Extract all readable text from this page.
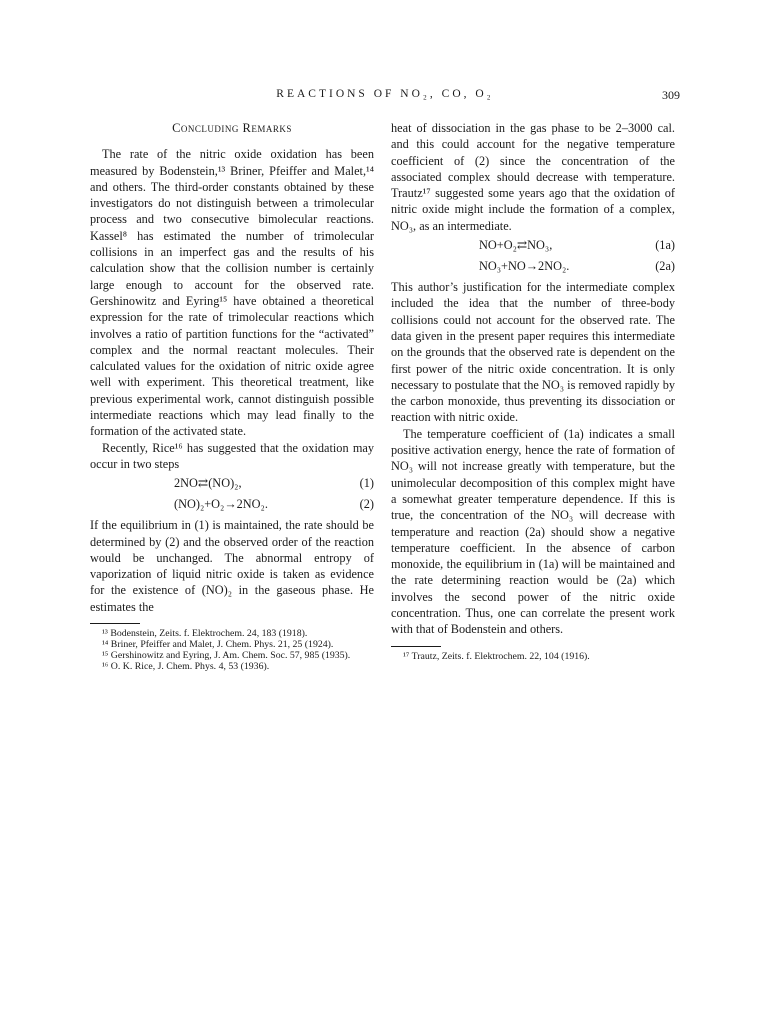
REACTIONS OF NO₂, CO, O₂	309
Concluding Remarks

The rate of the nitric oxide oxidation has been measured by Bodenstein,¹³ Briner, Pfeiffer and Malet,¹⁴ and others. The third-order constants obtained by these investigators do not distinguish between a trimolecular process and two consecutive bimolecular reactions. Kassel⁸ has estimated the number of trimolecular collisions in an imperfect gas and the results of his calculation show that the collision number is certainly large enough to account for the observed rate. Gershinowitz and Eyring¹⁵ have obtained a theoretical expression for the rate of trimolecular reactions which involves a ratio of partition functions for the “activated” complex and the normal reactant molecules. Their calculated values for the oxidation of nitric oxide agree well with experiment. This theoretical treatment, like previous experimental work, cannot distinguish possible intermediate reactions which may lead finally to the formation of the activated state.

Recently, Rice¹⁶ has suggested that the oxidation may occur in two steps

2NO⇄(NO)₂,	(1)
(NO)₂+O₂→2NO₂.	(2)

If the equilibrium in (1) is maintained, the rate should be determined by (2) and the observed order of the reaction would be unchanged. The abnormal entropy of vaporization of liquid nitric oxide is taken as evidence for the existence of (NO)₂ in the gaseous phase. He estimates the

¹³ Bodenstein, Zeits. f. Elektrochem. 24, 183 (1918).

¹⁴ Briner, Pfeiffer and Malet, J. Chem. Phys. 21, 25 (1924).

¹⁵ Gershinowitz and Eyring, J. Am. Chem. Soc. 57, 985 (1935).

¹⁶ O. K. Rice, J. Chem. Phys. 4, 53 (1936).

heat of dissociation in the gas phase to be 2–3000 cal. and this could account for the negative temperature coefficient of (2) since the concentration of the associated complex should decrease with temperature. Trautz¹⁷ suggested some years ago that the oxidation of nitric oxide might include the formation of a complex, NO₃, as an intermediate.

NO+O₂⇄NO₃,	(1a)
NO₃+NO→2NO₂.	(2a)

This author’s justification for the intermediate complex included the idea that the number of three-body collisions could not account for the observed rate. The data given in the present paper requires this intermediate on the grounds that the observed rate is dependent on the first power of the nitric oxide concentration. It is only necessary to postulate that the NO₃ is removed rapidly by the carbon monoxide, thus preventing its dissociation or reaction with nitric oxide.

The temperature coefficient of (1a) indicates a small positive activation energy, hence the rate of formation of NO₃ will not increase greatly with temperature, but the unimolecular decomposition of this complex might have a somewhat greater temperature dependence. If this is true, the concentration of the NO₃ will decrease with temperature and reaction (2a) should show a negative temperature coefficient. In the absence of carbon monoxide, the equilibrium in (1a) will be maintained and the rate determining reaction would be (2a) which involves the second power of the nitric oxide concentration. Thus, one can correlate the present work with that of Bodenstein and others.

¹⁷ Trautz, Zeits. f. Elektrochem. 22, 104 (1916).
